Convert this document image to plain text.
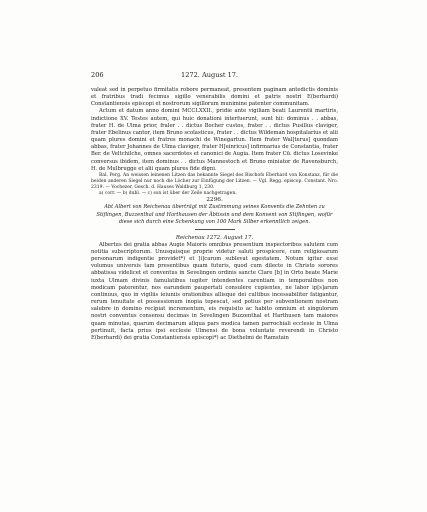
206	1272. August 17.

valeat sed in perpetuo firmitatis robore permaneat, presentem paginam antedictis dominis et fratribus tradi fecimus sigillo venerabilis domini et patris nostri E(berhardi) Constantiensis episcopi et nostrorum sigillorum munimine patenter communitam.

Actum et datum anno domini MCCLXXII., pridie ante vigiliam beati Laurentii martiris, indictione XV. Testes autem, qui huic donationi interfuerunt, sunt hii: dominus . . abbas, frater H. de Ulma prior, fraler . . dictus Bocher custos, frater . . dictus Pusillus claviger, frater Ebelinus cantor, item Bruno scolasticus, frater . . dictus Wildeman hospitalarius et alii quam plures domini et fratres monachi de Winegartun. Item frater Wal[terus] quondam abbas, frater Johannes de Ulma claviger, frater H[einricus] infirmarius de Constantia, frater Ber. de Veltchilche, omnes sacerdotes et canonici de Augia. Item frater Cū. dictus Losevinke conversus ibidem, item dominus . . dictus Mannestoch et Bruno miniator de Ravensburch, H. de Mulbrugge et alii quam plures fide digni.

Bal. Perg. An weissen leinenen Litzen das bekannte Siegel des Bischofs Eberhard von Konstanz, für die beiden anderen Siegel nur noch die Löcher zur Einfügung der Litzen. — Vgl. Regg. episcop. Constant. Nro. 2319. — Vochezer, Gesch. d. Hauses Waldburg 1, 230.

a) corr. — b) dubl. — c) son ist über der Zeile nachgetragen.

2296.

Abt Albert von Reichenau überträgt mit Zustimmung seines Konvents die Zehnten zu Stiflingen, Buzzenthal und Harthausen der Äbtissin und dem Konvent von Stiflingen, wofür diese sich durch eine Schenkung von 100 Mark Silber erkenntlich zeigen.

Reichenau 1272. August 17.

Albertus dei gratia abbas Augie Maioris omnibus presentium inspectoribus salutem cum notitia subscriptorum. Unusquisque proprie videtur saluti prospicere, cum religiosarum personarum indigentie providet*) et [i]carum sublevat egestatem. Notum igitur esse volumus universis tam presentibus quam futuris, quod cum dilecte in Christo sorores abbatissa videlicet et conventus in Sevelingen ordinis sancte Clare [b] in Orto beate Marie iuxta Ulmam divinis famulatibus iugiter intendentes carentiam in temporalibus non modicam paterentur, nos earundem paupertati consulere cupientes, ne labor ip[s]arum continuus, quo in vigiliis ieiuniis orationibus allisque dei cultibus incessabiliter fatigantur, rerum tenuitate et possessionum inopia tepescat, sed potius per subventionem nostram salubre in domino recipiat incrementum, eis requisito ac habito omnium et singulorum nostri conventus consensu decimas in Sevelingen Buzzenthal et Harthusen tam maiores quam minutas, quarum decimarum aliqua pars modica tamen parrochiali ecclesie in Ulma pertinuit, facta prius ipsi ecclesie Ulmensi de bona voluntate reverendi in Christo E(berhardi) dei gratia Constantiensis episcopi*) ac Diethelmi de Ramstain
